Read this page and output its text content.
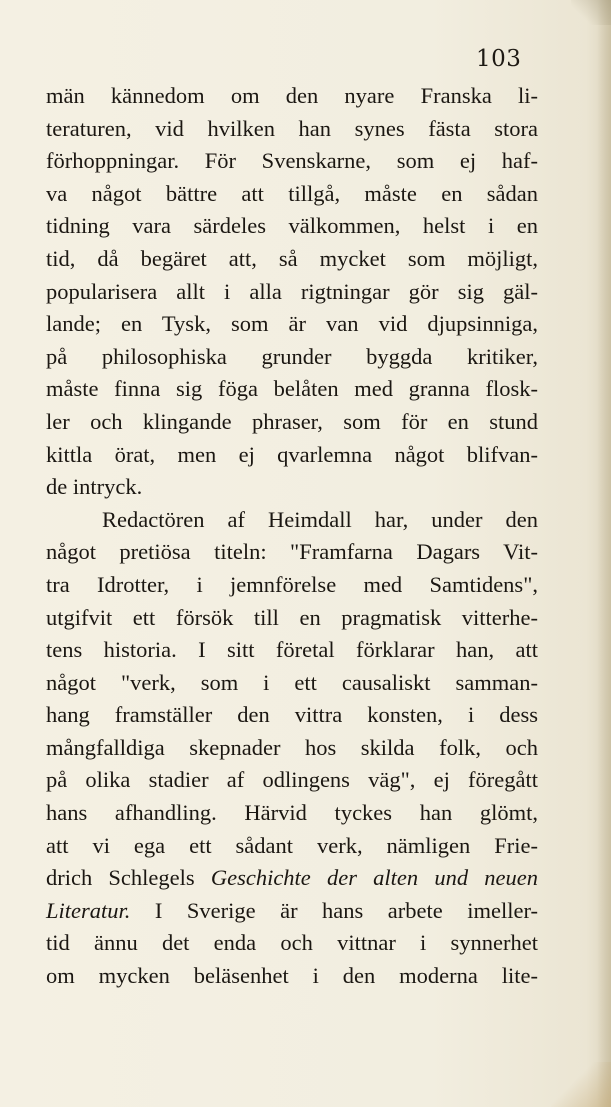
103
män kännedom om den nyare Franska li-
teraturen, vid hvilken han synes fästa stora
förhoppningar. För Svenskarne, som ej haf-
va något bättre att tillgå, måste en sådan
tidning vara särdeles välkommen, helst i en
tid, då begäret att, så mycket som möjligt,
popularisera allt i alla rigtningar gör sig gäl-
lande; en Tysk, som är van vid djupsinniga,
på philosophiska grunder byggda kritiker,
måste finna sig föga belåten med granna flosk-
ler och klingande phraser, som för en stund
kittla örat, men ej qvarlemna något blifvan-
de intryck.
Redactören af Heimdall har, under den
något pretiösa titeln: "Framfarna Dagars Vit-
tra Idrotter, i jemnförelse med Samtidens",
utgifvit ett försök till en pragmatisk vitterhe-
tens historia. I sitt företal förklarar han, att
något "verk, som i ett causaliskt samman-
hang framställer den vittra konsten, i dess
mångfalldiga skepnader hos skilda folk, och
på olika stadier af odlingens väg", ej föregått
hans afhandling. Härvid tyckes han glömt,
att vi ega ett sådant verk, nämligen Frie-
drich Schlegels Geschichte der alten und neuen
Literatur. I Sverige är hans arbete imeller-
tid ännu det enda och vittnar i synnerhet
om mycken beläsenhet i den moderna lite-
